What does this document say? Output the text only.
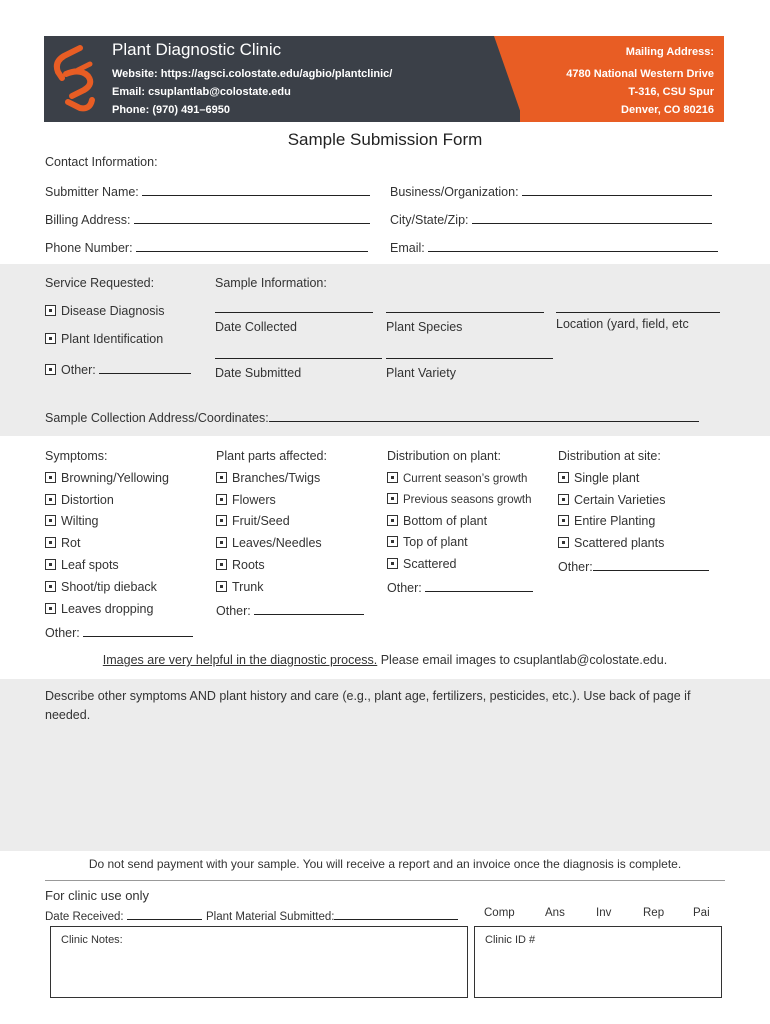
Plant Diagnostic Clinic
Website: https://agsci.colostate.edu/agbio/plantclinic/
Email: csuplantlab@colostate.edu
Phone: (970) 491–6950
Mailing Address:
4780 National Western Drive
T-316, CSU Spur
Denver, CO 80216
Sample Submission Form
Contact Information:
Submitter Name:	Business/Organization:
Billing Address:	City/State/Zip:
Phone Number:	Email:
Service Requested:
Disease Diagnosis
Plant Identification
Other:
Sample Information:
Date Collected	Plant Species	Location (yard, field, etc
Date Submitted	Plant Variety
Sample Collection Address/Coordinates:
Symptoms:
Browning/Yellowing
Distortion
Wilting
Rot
Leaf spots
Shoot/tip dieback
Leaves dropping
Other:
Plant parts affected:
Branches/Twigs
Flowers
Fruit/Seed
Leaves/Needles
Roots
Trunk
Other:
Distribution on plant:
Current season’s growth
Previous seasons growth
Bottom of plant
Top of plant
Scattered
Other:
Distribution at site:
Single plant
Certain Varieties
Entire Planting
Scattered plants
Other:
Images are very helpful in the diagnostic process. Please email images to csuplantlab@colostate.edu.
Describe other symptoms AND plant history and care (e.g., plant age, fertilizers, pesticides, etc.). Use back of page if needed.
Do not send payment with your sample. You will receive a report and an invoice once the diagnosis is complete.
For clinic use only
Date Received:	Plant Material Submitted:	Comp	Ans	Inv	Rep	Pai
Clinic Notes:	Clinic ID #
